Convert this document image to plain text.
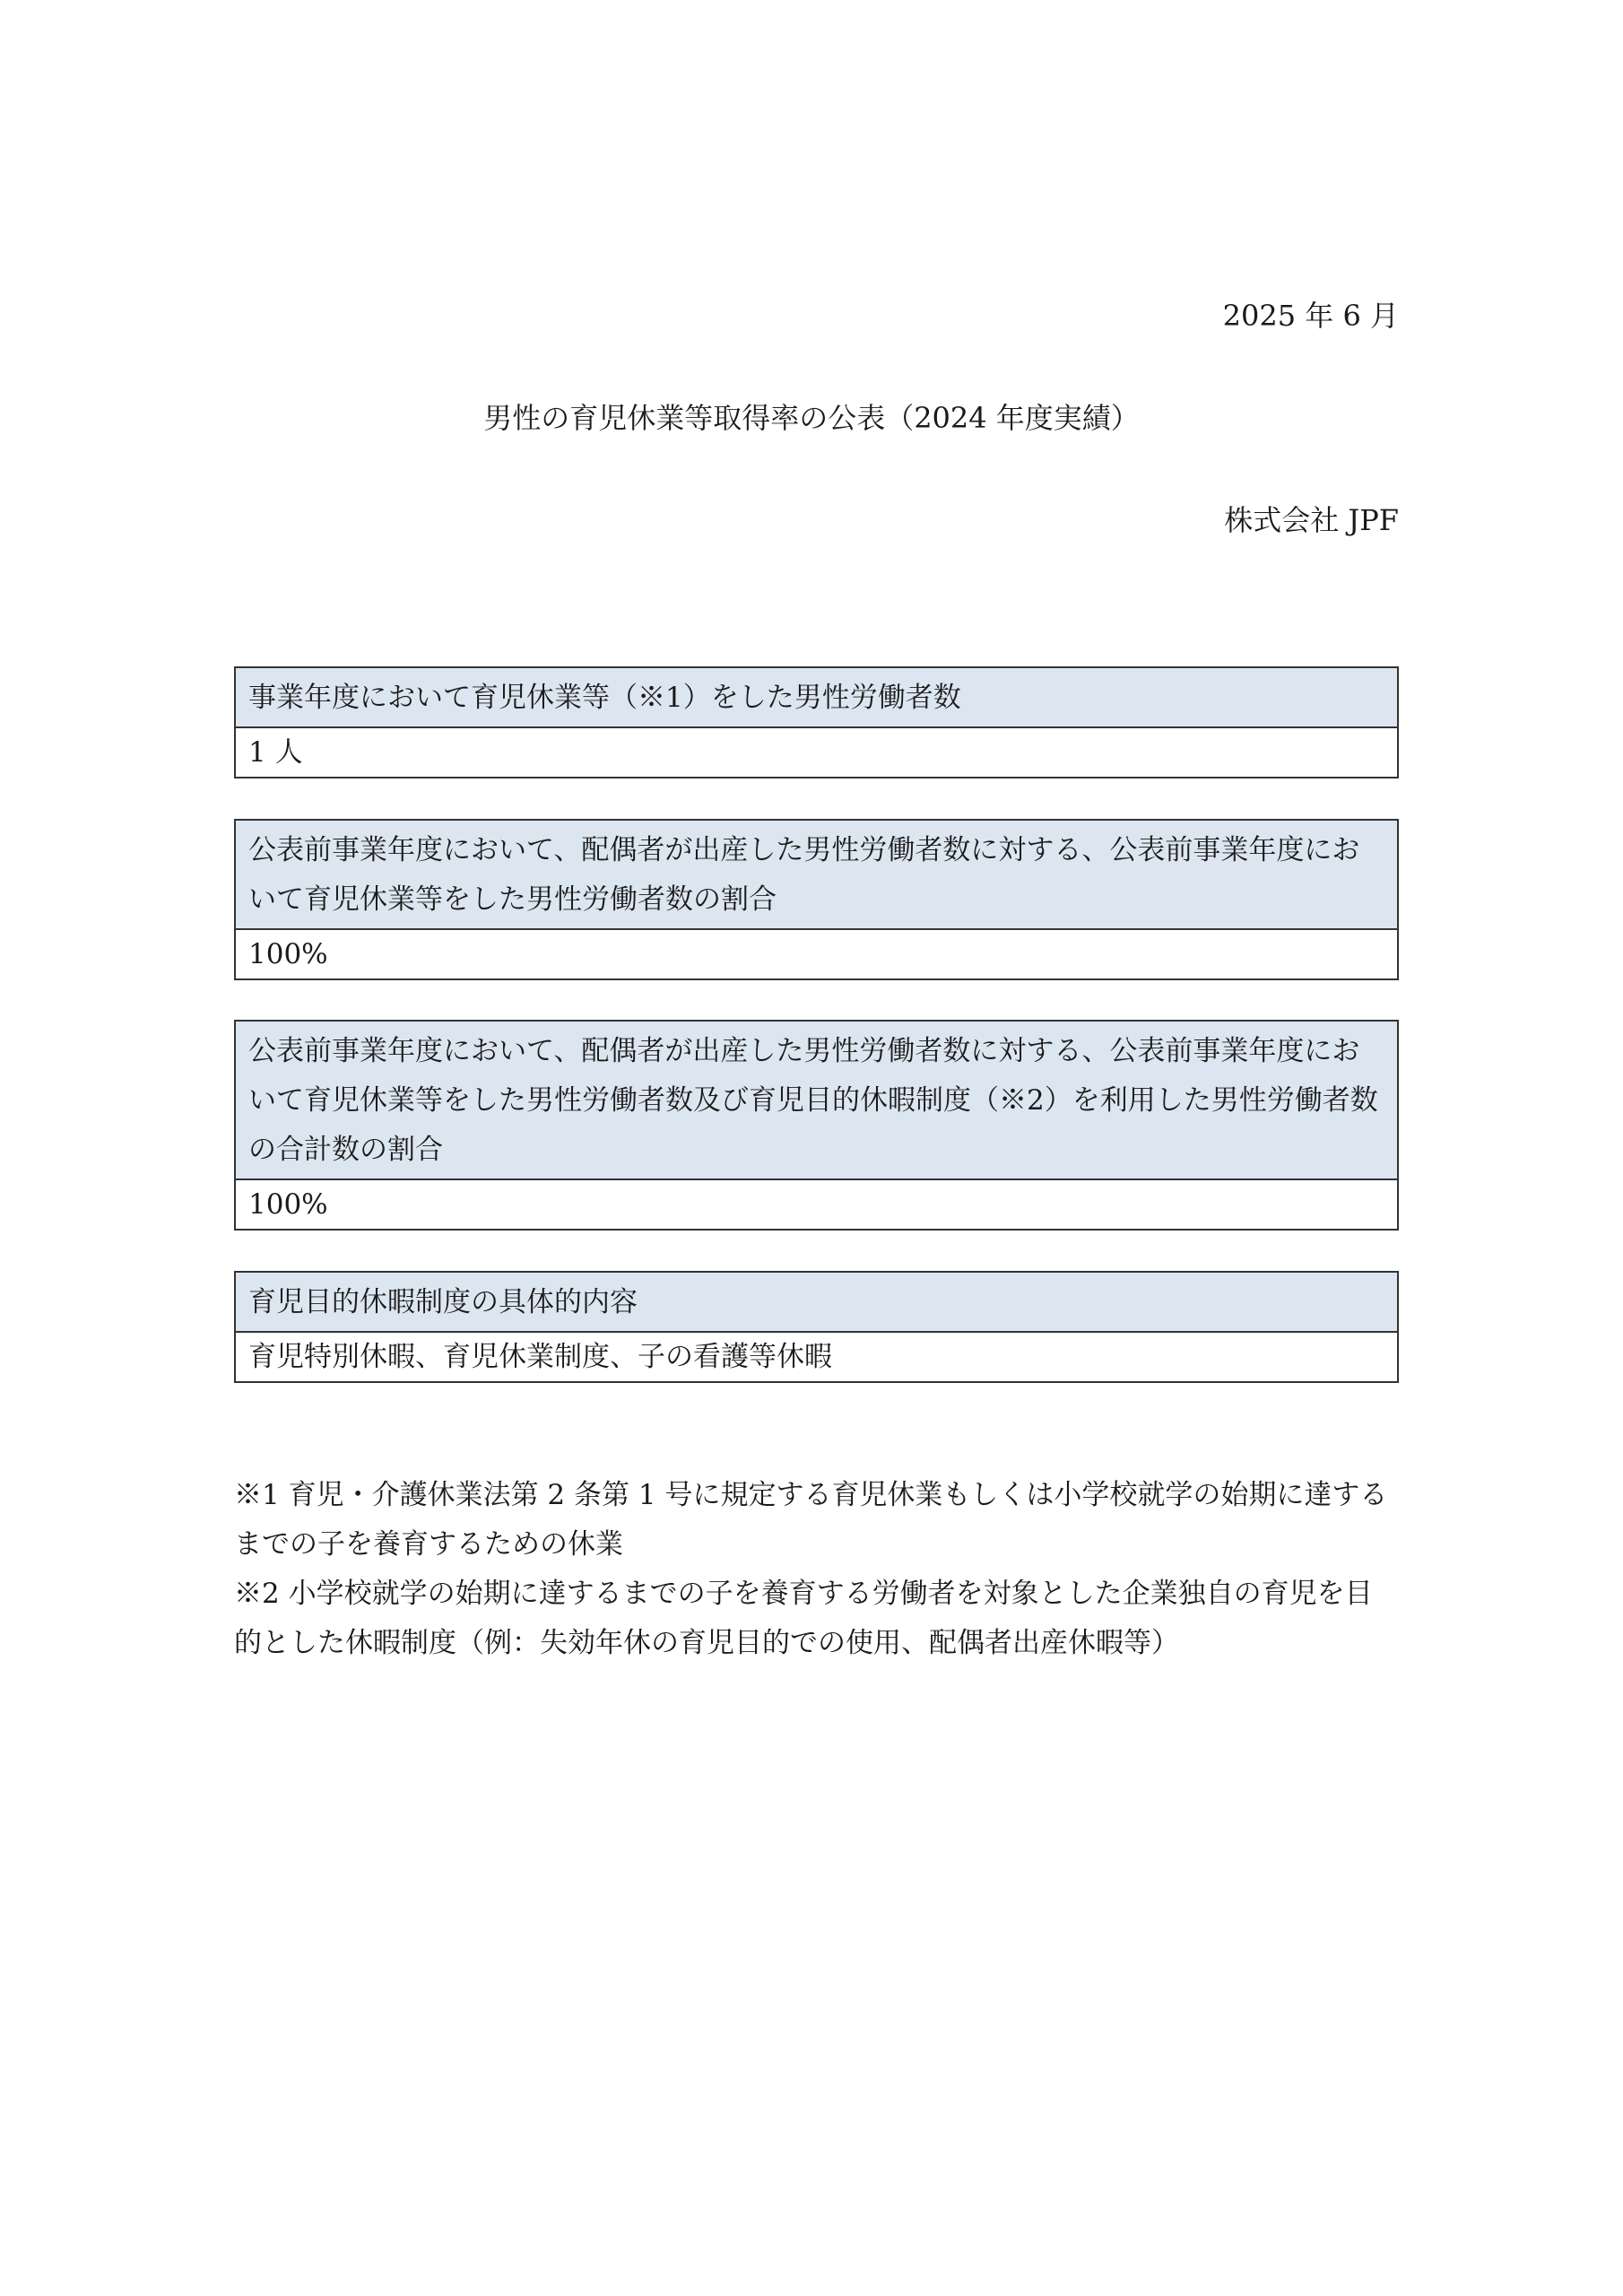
2025 年 6 月
男性の育児休業等取得率の公表（2024 年度実績）
株式会社 JPF
事業年度において育児休業等（※1）をした男性労働者数
1 人
公表前事業年度において、配偶者が出産した男性労働者数に対する、公表前事業年度において育児休業等をした男性労働者数の割合
100%
公表前事業年度において、配偶者が出産した男性労働者数に対する、公表前事業年度において育児休業等をした男性労働者数及び育児目的休暇制度（※2）を利用した男性労働者数の合計数の割合
100%
育児目的休暇制度の具体的内容
育児特別休暇、育児休業制度、子の看護等休暇

※1 育児・介護休業法第 2 条第 1 号に規定する育児休業もしくは小学校就学の始期に達するまでの子を養育するための休業

※2 小学校就学の始期に達するまでの子を養育する労働者を対象とした企業独自の育児を目的とした休暇制度（例：失効年休の育児目的での使用、配偶者出産休暇等）
